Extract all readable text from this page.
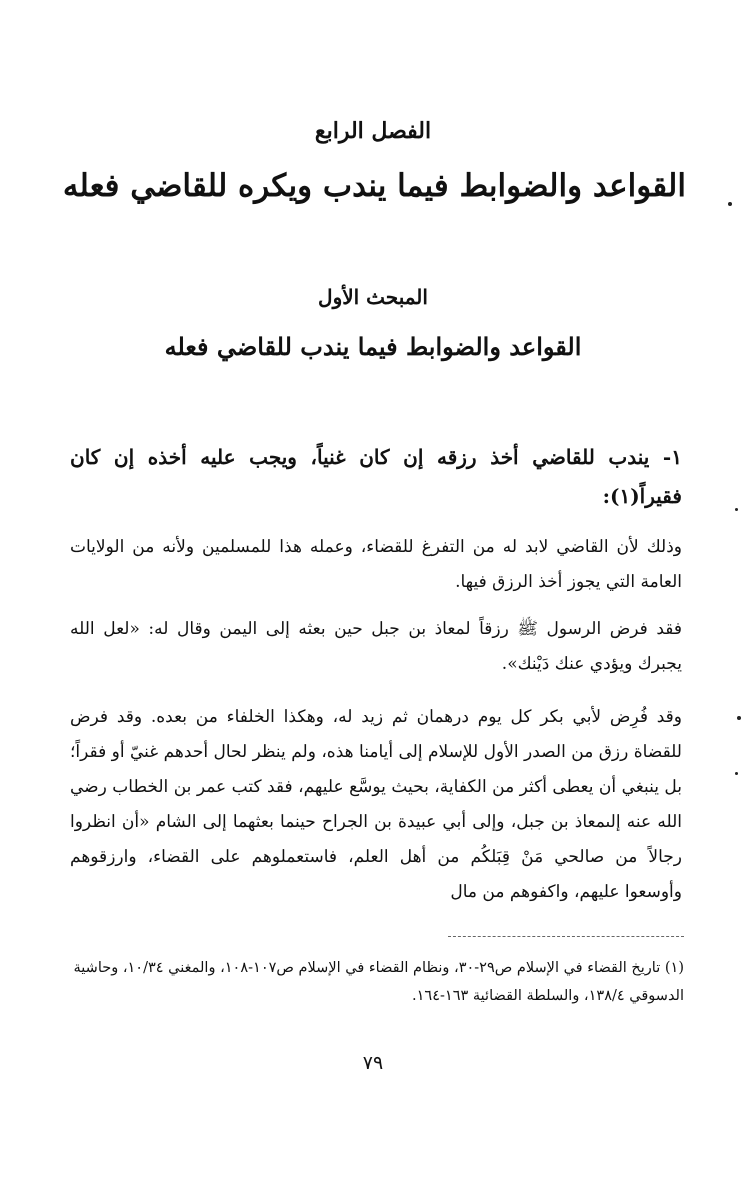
الفصل الرابع
القواعد والضوابط فيما يندب ويكره للقاضي فعله
المبحث الأول
القواعد والضوابط فيما يندب للقاضي فعله
١- يندب للقاضي أخذ رزقه إن كان غنياً، ويجب عليه أخذه إن كان فقيراً(١):
وذلك لأن القاضي لابد له من التفرغ للقضاء، وعمله هذا للمسلمين ولأنه من الولايات العامة التي يجوز أخذ الرزق فيها.
فقد فرض الرسول ﷺ رزقاً لمعاذ بن جبل حين بعثه إلى اليمن وقال له: «لعل الله يجبرك ويؤدي عنك دَيْنك».
وقد فُرِض لأبي بكر كل يوم درهمان ثم زيد له، وهكذا الخلفاء من بعده. وقد فرض للقضاة رزق من الصدر الأول للإسلام إلى أيامنا هذه، ولم ينظر لحال أحدهم غنيّ أو فقراً؛ بل ينبغي أن يعطى أكثر من الكفاية، بحيث يوسَّع عليهم، فقد كتب عمر بن الخطاب رضي الله عنه إلىمعاذ بن جبل، وإلى أبي عبيدة بن الجراح حينما بعثهما إلى الشام «أن انظروا رجالاً من صالحي مَنْ قِبَلكُم من أهل العلم، فاستعملوهم على القضاء، وارزقوهم وأوسعوا عليهم، واكفوهم من مال
(١) تاريخ القضاء في الإسلام ص٢٩-٣٠، ونظام القضاء في الإسلام ص١٠٧-١٠٨، والمغني ١٠/٣٤، وحاشية الدسوقي ١٣٨/٤، والسلطة القضائية ١٦٣-١٦٤.
٧٩
